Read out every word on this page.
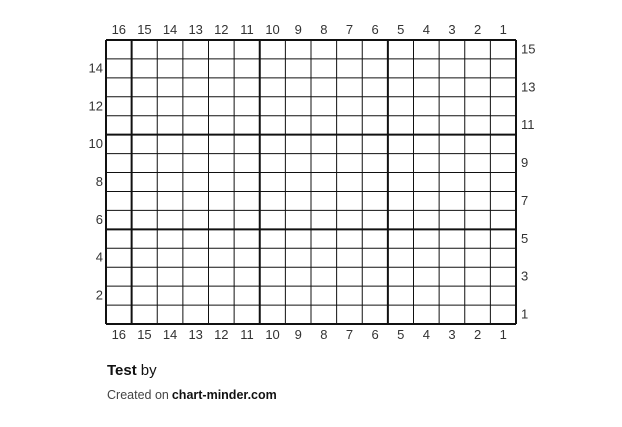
16
16
15
15
14
14
13
13
12
12
11
11
10
10
9
9
8
8
7
7
6
6
5
5
4
4
3
3
2
2
1
1
15
13
11
9
7
5
3
1
14
12
10
8
6
4
2
Test by
Created on chart-minder.com
